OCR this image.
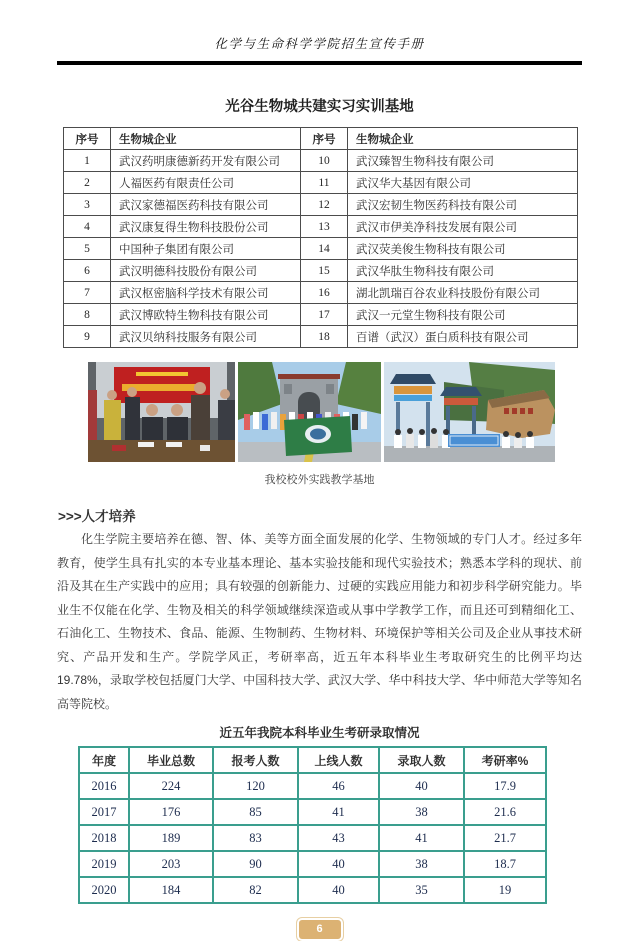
化学与生命科学学院招生宣传手册
光谷生物城共建实习实训基地
序号	生物城企业	序号	生物城企业
1	武汉药明康德新药开发有限公司	10	武汉臻智生物科技有限公司
2	人福医药有限责任公司	11	武汉华大基因有限公司
3	武汉家德福医药科技有限公司	12	武汉宏韧生物医药科技有限公司
4	武汉康复得生物科技股份公司	13	武汉市伊美净科技发展有限公司
5	中国种子集团有限公司	14	武汉荧美俊生物科技有限公司
6	武汉明德科技股份有限公司	15	武汉华肽生物科技有限公司
7	武汉枢密脑科学技术有限公司	16	湖北凯瑞百谷农业科技股份有限公司
8	武汉博欧特生物科技有限公司	17	武汉一元堂生物科技有限公司
9	武汉贝纳科技服务有限公司	18	百谱（武汉）蛋白质科技有限公司
我校校外实践教学基地
>>>人才培养
化生学院主要培养在德、智、体、美等方面全面发展的化学、生物领域的专门人才。经过多年教育，使学生具有扎实的本专业基本理论、基本实验技能和现代实验技术；熟悉本学科的现状、前沿及其在生产实践中的应用；具有较强的创新能力、过硬的实践应用能力和初步科学研究能力。毕业生不仅能在化学、生物及相关的科学领域继续深造或从事中学教学工作，而且还可到精细化工、石油化工、生物技术、食品、能源、生物制药、生物材料、环境保护等相关公司及企业从事技术研究、产品开发和生产。学院学风正，考研率高，近五年本科毕业生考取研究生的比例平均达 19.78%，录取学校包括厦门大学、中国科技大学、武汉大学、华中科技大学、华中师范大学等知名高等院校。
近五年我院本科毕业生考研录取情况
年度	毕业总数	报考人数	上线人数	录取人数	考研率%
2016	224	120	46	40	17.9
2017	176	85	41	38	21.6
2018	189	83	43	41	21.7
2019	203	90	40	38	18.7
2020	184	82	40	35	19
6
